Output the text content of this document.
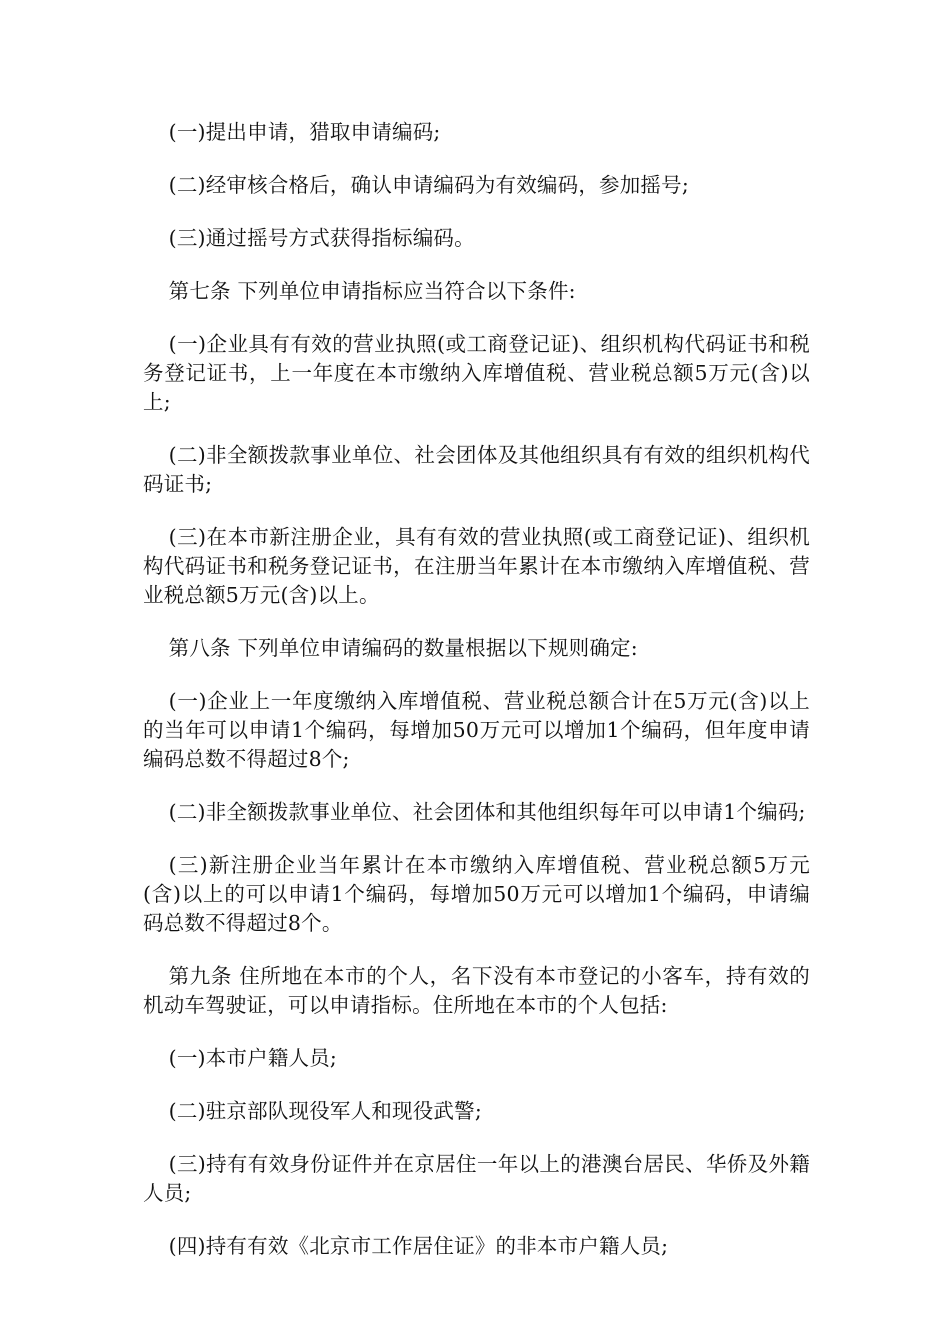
(一)提出申请，猎取申请编码;

(二)经审核合格后，确认申请编码为有效编码，参加摇号;

(三)通过摇号方式获得指标编码。

第七条 下列单位申请指标应当符合以下条件:

(一)企业具有有效的营业执照(或工商登记证)、组织机构代码证书和税务登记证书，上一年度在本市缴纳入库增值税、营业税总额5万元(含)以上;

(二)非全额拨款事业单位、社会团体及其他组织具有有效的组织机构代码证书;

(三)在本市新注册企业，具有有效的营业执照(或工商登记证)、组织机构代码证书和税务登记证书，在注册当年累计在本市缴纳入库增值税、营业税总额5万元(含)以上。

第八条 下列单位申请编码的数量根据以下规则确定:

(一)企业上一年度缴纳入库增值税、营业税总额合计在5万元(含)以上的当年可以申请1个编码，每增加50万元可以增加1个编码，但年度申请编码总数不得超过8个;

(二)非全额拨款事业单位、社会团体和其他组织每年可以申请1个编码;

(三)新注册企业当年累计在本市缴纳入库增值税、营业税总额5万元(含)以上的可以申请1个编码，每增加50万元可以增加1个编码，申请编码总数不得超过8个。

第九条 住所地在本市的个人，名下没有本市登记的小客车，持有效的机动车驾驶证，可以申请指标。住所地在本市的个人包括:

(一)本市户籍人员;

(二)驻京部队现役军人和现役武警;

(三)持有有效身份证件并在京居住一年以上的港澳台居民、华侨及外籍人员;

(四)持有有效《北京市工作居住证》的非本市户籍人员;
